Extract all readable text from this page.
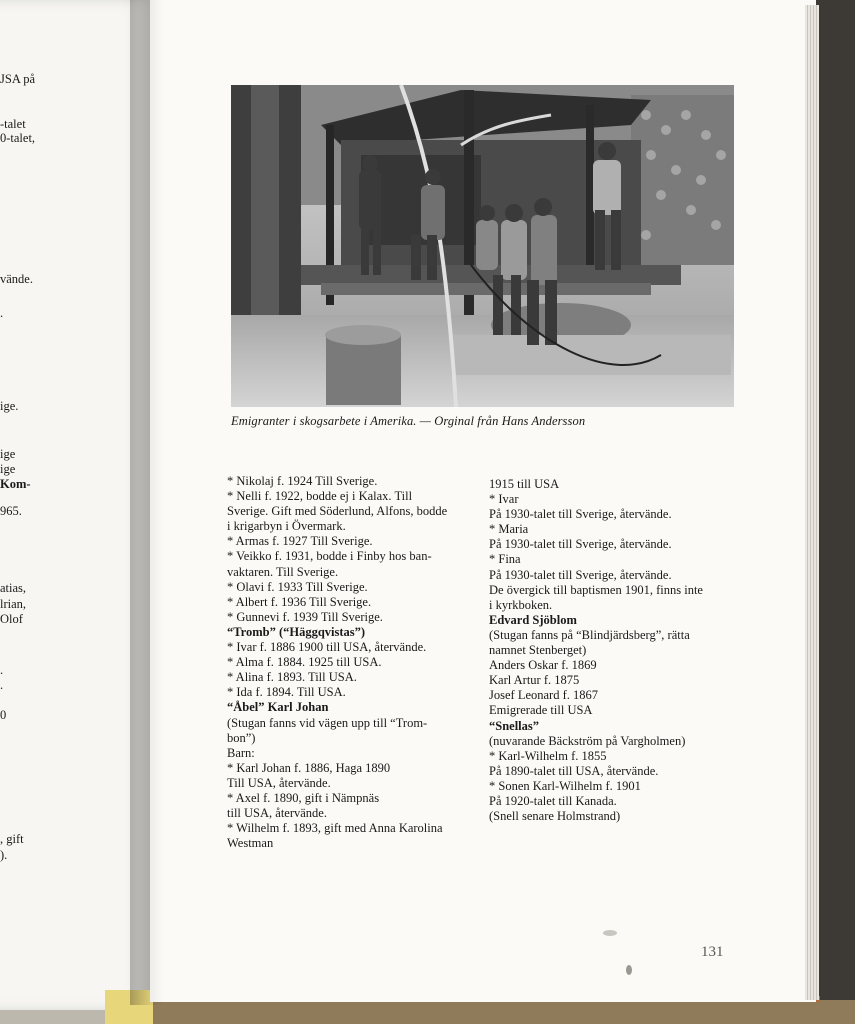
JSA på
-talet
0-talet,
vände.
.
ige.
ige
ige
Kom-
965.
atias,
lrian,
Olof
.
.
0
, gift
).
Emigranter i skogsarbete i Amerika. — Orginal från Hans Andersson
* Nikolaj f. 1924 Till Sverige.
* Nelli f. 1922, bodde ej i Kalax. Till
Sverige. Gift med Söderlund, Alfons, bodde
i krigarbyn i Övermark.
* Armas f. 1927 Till Sverige.
* Veikko f. 1931, bodde i Finby hos ban-
vaktaren. Till Sverige.
* Olavi f. 1933 Till Sverige.
* Albert f. 1936 Till Sverige.
* Gunnevi f. 1939 Till Sverige.
“Tromb” (“Häggqvistas”)
* Ivar f. 1886 1900 till USA, återvände.
* Alma f. 1884. 1925 till USA.
* Alina f. 1893. Till USA.
* Ida f. 1894. Till USA.
“Åbel” Karl Johan
(Stugan fanns vid vägen upp till “Trom-
bon”)
Barn:
* Karl Johan f. 1886, Haga 1890
Till USA, återvände.
* Axel f. 1890, gift i Nämpnäs
till USA, återvände.
* Wilhelm f. 1893, gift med Anna Karolina
Westman
1915 till USA
* Ivar
På 1930-talet till Sverige, återvände.
* Maria
På 1930-talet till Sverige, återvände.
* Fina
På 1930-talet till Sverige, återvände.
De övergick till baptismen 1901, finns inte
i kyrkboken.
Edvard Sjöblom
(Stugan fanns på “Blindjärdsberg”, rätta
namnet Stenberget)
Anders Oskar f. 1869
Karl Artur f. 1875
Josef Leonard f. 1867
Emigrerade till USA
“Snellas”
(nuvarande Bäckström på Vargholmen)
* Karl-Wilhelm f. 1855
På 1890-talet till USA, återvände.
* Sonen Karl-Wilhelm f. 1901
På 1920-talet till Kanada.
(Snell senare Holmstrand)
131
